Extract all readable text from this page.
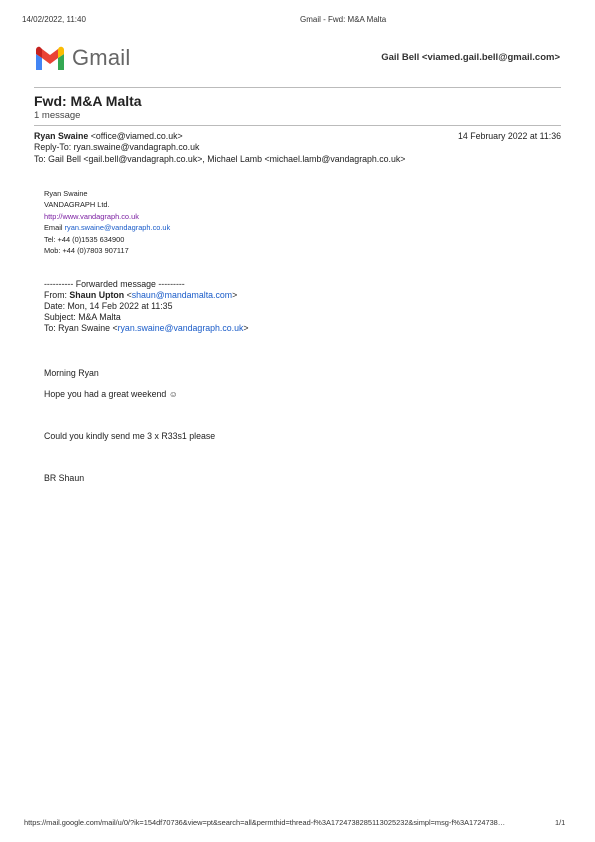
14/02/2022, 11:40	Gmail - Fwd: M&A Malta
Gmail	Gail Bell <viamed.gail.bell@gmail.com>
Fwd: M&A Malta
1 message
Ryan Swaine <office@viamed.co.uk>	14 February 2022 at 11:36
Reply-To: ryan.swaine@vandagraph.co.uk
To: Gail Bell <gail.bell@vandagraph.co.uk>, Michael Lamb <michael.lamb@vandagraph.co.uk>
Ryan Swaine
VANDAGRAPH Ltd.
http://www.vandagraph.co.uk
Email ryan.swaine@vandagraph.co.uk
Tel: +44 (0)1535 634900
Mob: +44 (0)7803 907117
---------- Forwarded message ---------
From: Shaun Upton <shaun@mandamalta.com>
Date: Mon, 14 Feb 2022 at 11:35
Subject: M&A Malta
To: Ryan Swaine <ryan.swaine@vandagraph.co.uk>
Morning Ryan
Hope you had a great weekend ☺
Could you kindly send me 3 x R33s1 please
BR Shaun
https://mail.google.com/mail/u/0/?ik=154df70736&view=pt&search=all&permthid=thread-f%3A1724738285113025232&simpl=msg-f%3A1724738…	1/1
